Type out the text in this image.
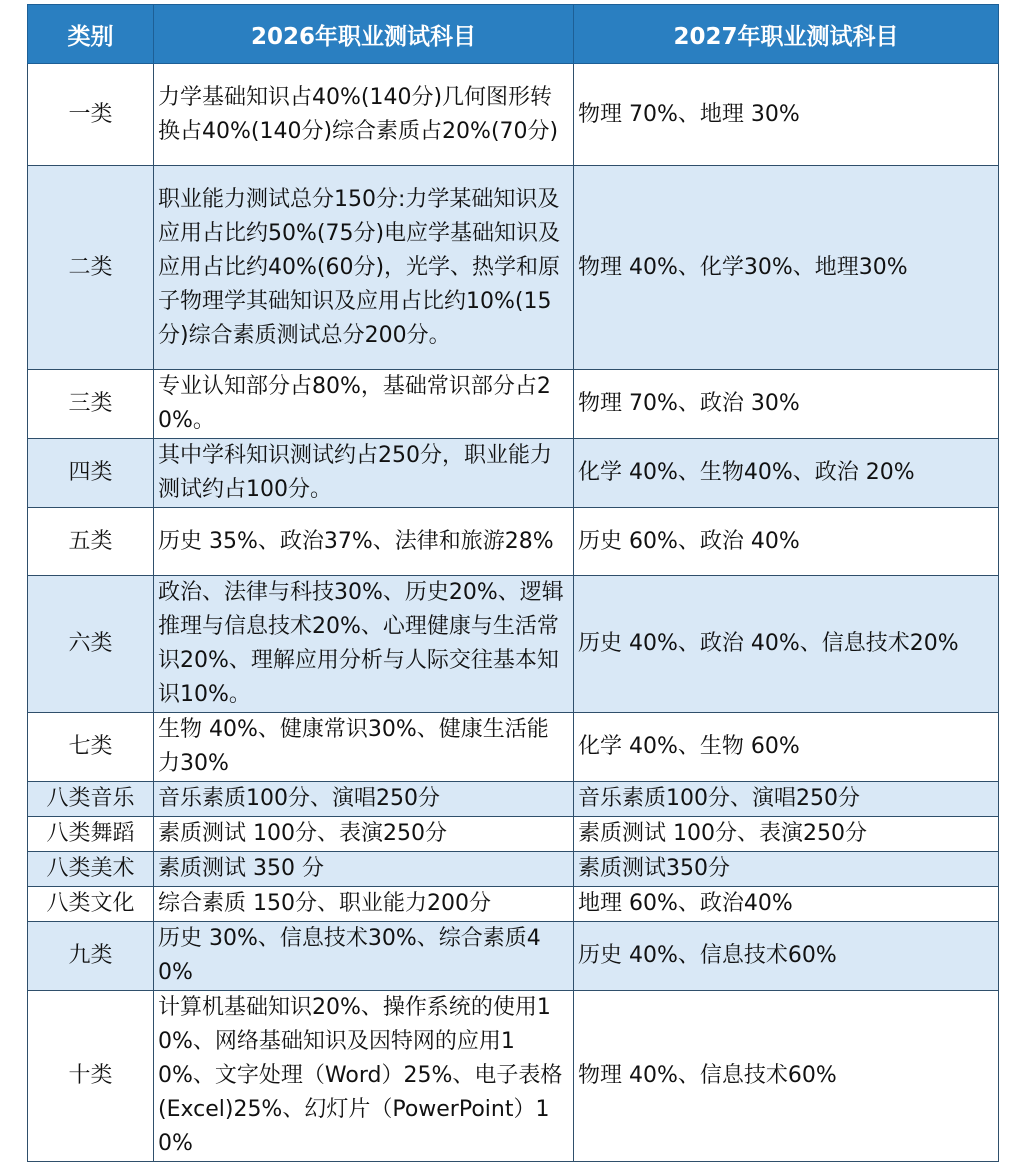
类别	2026年职业测试科目	2027年职业测试科目
一类	力学基础知识占40%(140分)几何图形转换占40%(140分)综合素质占20%(70分)	物理 70%、地理 30%
二类	职业能力测试总分150分:力学某础知识及应用占比约50%(75分)电应学基础知识及应用占比约40%(60分)，光学、热学和原子物理学其础知识及应用占比约10%(15分)综合素质测试总分200分。	物理 40%、化学30%、地理30%
三类	专业认知部分占80%，基础常识部分占20%。	物理 70%、政治 30%
四类	其中学科知识测试约占250分，职业能力测试约占100分。	化学 40%、生物40%、政治 20%
五类	历史 35%、政治37%、法律和旅游28%	历史 60%、政治 40%
六类	政治、法律与科技30%、历史20%、逻辑推理与信息技术20%、心理健康与生活常识20%、理解应用分析与人际交往基本知识10%。	历史 40%、政治 40%、信息技术20%
七类	生物 40%、健康常识30%、健康生活能力30%	化学 40%、生物 60%
八类音乐	音乐素质100分、演唱250分	音乐素质100分、演唱250分
八类舞蹈	素质测试 100分、表演250分	素质测试 100分、表演250分
八类美术	素质测试 350 分	素质测试350分
八类文化	综合素质 150分、职业能力200分	地理 60%、政治40%
九类	历史 30%、信息技术30%、综合素质40%	历史 40%、信息技术60%
十类	计算机基础知识20%、操作系统的使用10%、网络基础知识及因特网的应用10%、文字处理（Word）25%、电子表格(Excel)25%、幻灯片（PowerPoint）10%	物理 40%、信息技术60%
